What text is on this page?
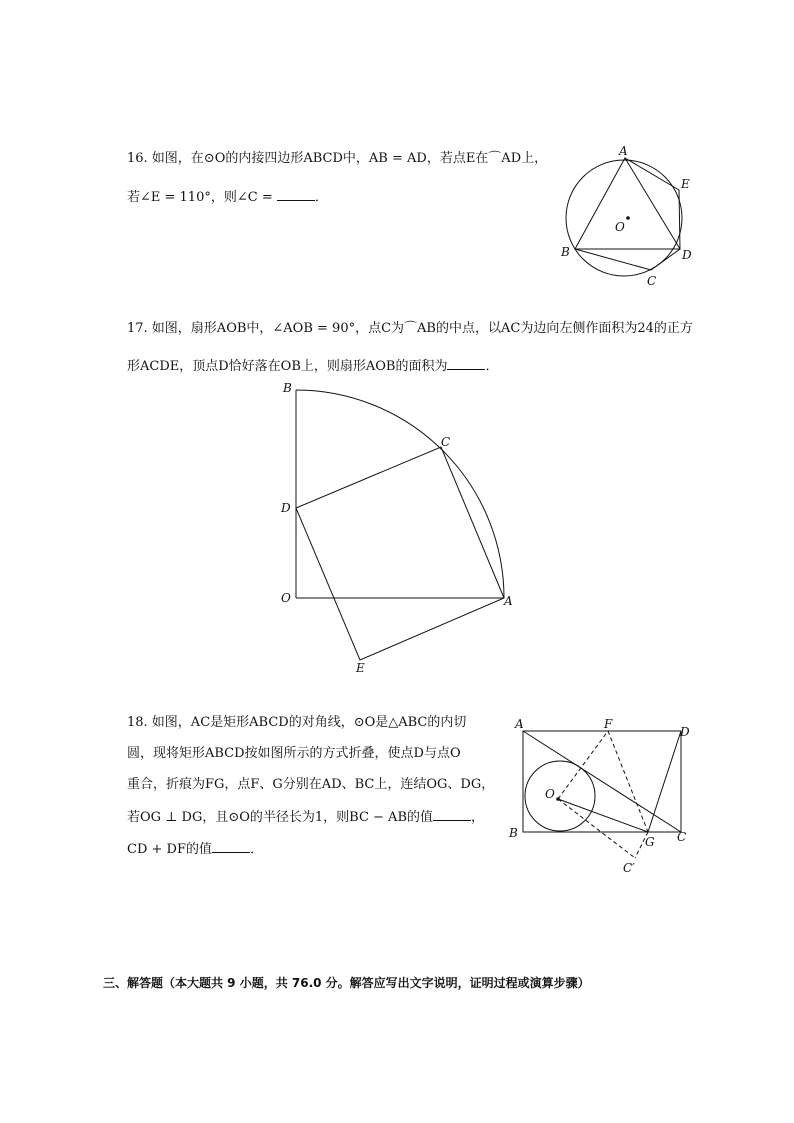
16. 如图，在⊙O的内接四边形ABCD中，AB = AD，若点E在⌒AD上，
若∠E = 110°，则∠C =	．
A
E
O
B	D
C
17. 如图，扇形AOB中，∠AOB = 90°，点C为⌒AB的中点，以AC为边向左侧作面积为24的正方
形ACDE，顶点D恰好落在OB上，则扇形AOB的面积为	．
B
C
D
O	A
E
18. 如图，AC是矩形ABCD的对角线，⊙O是△ABC的内切
圆，现将矩形ABCD按如图所示的方式折叠，使点D与点O
重合，折痕为FG，点F、G分别在AD、BC上，连结OG、DG，
若OG ⊥ DG，且⊙O的半径长为1，则BC − AB的值	，
CD + DF的值	．
A	F
D
O
B
G C
C′
三、解答题（本大题共 9 小题，共 76.0 分。解答应写出文字说明，证明过程或演算步骤）
